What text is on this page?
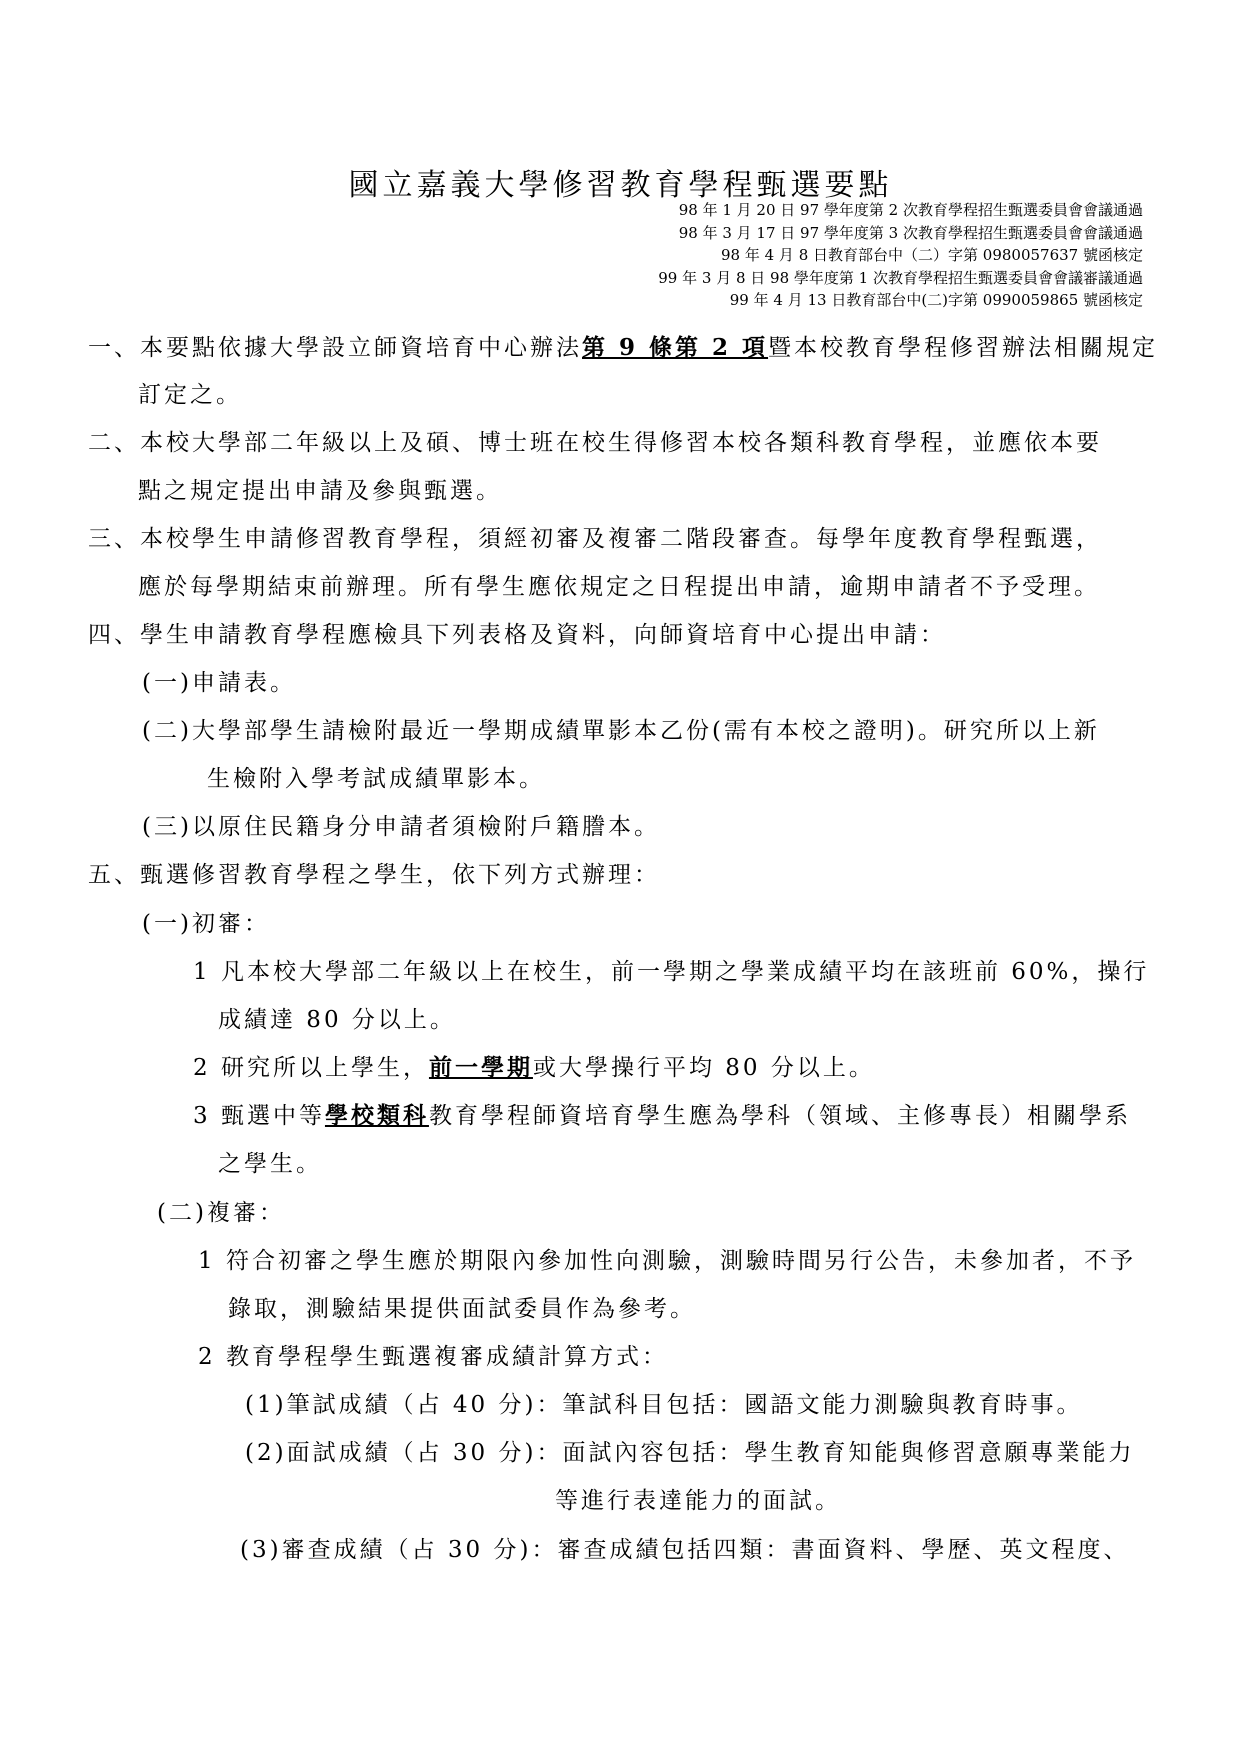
國立嘉義大學修習教育學程甄選要點
98 年 1 月 20 日 97 學年度第 2 次教育學程招生甄選委員會會議通過
98 年 3 月 17 日 97 學年度第 3 次教育學程招生甄選委員會會議通過
98 年 4 月 8 日教育部台中（二）字第 0980057637 號函核定
99 年 3 月 8 日 98 學年度第 1 次教育學程招生甄選委員會會議審議通過
99 年 4 月 13 日教育部台中(二)字第 0990059865 號函核定
一、本要點依據大學設立師資培育中心辦法第 9 條第 2 項暨本校教育學程修習辦法相關規定
訂定之。
二、本校大學部二年級以上及碩、博士班在校生得修習本校各類科教育學程，並應依本要
點之規定提出申請及參與甄選。
三、本校學生申請修習教育學程，須經初審及複審二階段審查。每學年度教育學程甄選，
應於每學期結束前辦理。所有學生應依規定之日程提出申請，逾期申請者不予受理。
四、學生申請教育學程應檢具下列表格及資料，向師資培育中心提出申請：
(一)申請表。
(二)大學部學生請檢附最近一學期成績單影本乙份(需有本校之證明)。研究所以上新
生檢附入學考試成績單影本。
(三)以原住民籍身分申請者須檢附戶籍謄本。
五、甄選修習教育學程之學生，依下列方式辦理：
(一)初審：
1 凡本校大學部二年級以上在校生，前一學期之學業成績平均在該班前 60%，操行
成績達 80 分以上。
2 研究所以上學生，前一學期或大學操行平均 80 分以上。
3 甄選中等學校類科教育學程師資培育學生應為學科（領域、主修專長）相關學系
之學生。
(二)複審：
1 符合初審之學生應於期限內參加性向測驗，測驗時間另行公告，未參加者，不予
錄取，測驗結果提供面試委員作為參考。
2 教育學程學生甄選複審成績計算方式：
(1)筆試成績（占 40 分)：筆試科目包括：國語文能力測驗與教育時事。
(2)面試成績（占 30 分)：面試內容包括：學生教育知能與修習意願專業能力
等進行表達能力的面試。
(3)審查成績（占 30 分)：審查成績包括四類：書面資料、學歷、英文程度、
